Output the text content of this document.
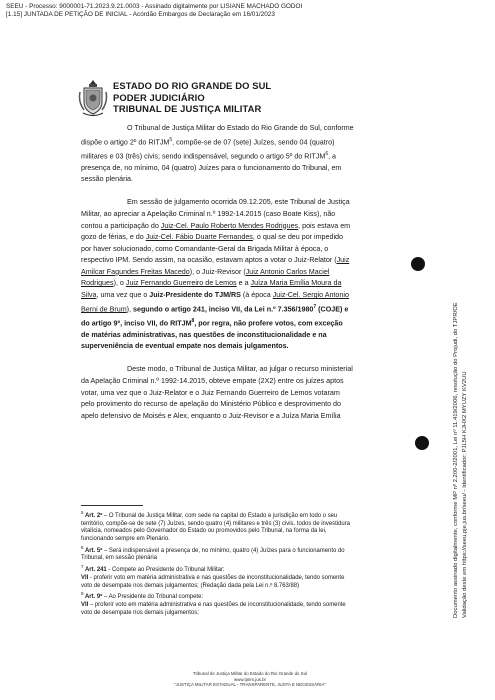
SEEU - Processo: 9000001-71.2023.9.21.0003 - Assinado digitalmente por LISIANE MACHADO GODOI
[1.15] JUNTADA DE PETIÇÃO DE INICIAL - Acórdão Embargos de Declaração em 16/01/2023
Documento assinado digitalmente, conforme MP nº 2.200-2/2001, Lei nº 11.419/2006, resolução do Projudi, do TJPR/OE Validação deste em https://seeu.pje.jus.br/seeu/ - Identificador: PJL5H KJHX2 MYUZY KV2UU
ESTADO DO RIO GRANDE DO SUL
PODER JUDICIÁRIO
TRIBUNAL DE JUSTIÇA MILITAR

O Tribunal de Justiça Militar do Estado do Rio Grande do Sul, conforme
dispõe o artigo 2º do RITJM$^5$, compõe-se de 07 (sete) Juízes, sendo 04 (quatro)
militares e 03 (três) civis; sendo indispensável, segundo o artigo 5º do RITJM$^6$, a
presença de, no mínimo, 04 (quatro) Juízes para o funcionamento do Tribunal, em
sessão plenária.

Em sessão de julgamento ocorrida 09.12.205, este Tribunal de Justiça
Militar, ao apreciar a Apelação Criminal n.º 1992-14.2015 (caso Boate Kiss), não
contou a participação do Juiz-Cel. Paulo Roberto Mendes Rodrigues, pois estava em
gozo de férias, e do Juiz-Cel. Fábio Duarte Fernandes, o qual se deu por impedido
por haver solucionado, como Comandante-Geral da Brigada Militar à época, o
respectivo IPM. Sendo assim, na ocasião, estavam aptos a votar o Juiz-Relator (Juiz
Amilcar Fagundes Freitas Macedo), o Juiz-Revisor (Juiz Antonio Carlos Maciel
Rodrigues), o Juiz Fernando Guerreiro de Lemos e a Juíza Maria Emília Moura da
Silva, uma vez que o Juiz-Presidente do TJM/RS (à época Juiz-Cel. Sergio Antonio
Berni de Brum), segundo o artigo 241, inciso VII, da Lei n.º 7.356/1980$^7$ (COJE) e
do artigo 9º, inciso VII, do RITJM$^8$, por regra, não profere votos, com exceção
de matérias administrativas, nas questões de inconstitucionalidade e na
superveniência de eventual empate nos demais julgamentos.

Deste modo, o Tribunal de Justiça Militar, ao julgar o recurso ministerial
da Apelação Criminal n.º 1992-14.2015, obteve empate (2X2) entre os juízes aptos
votar, uma vez que o Juiz-Relator e o Juiz Fernando Guerreiro de Lemos votaram
pelo provimento do recurso de apelação do Ministério Público e desprovimento do
apelo defensivo de Moisés e Alex, enquanto o Juiz-Revisor e a Juíza Maria Emília

$^5$ Art. 2º – O Tribunal de Justiça Militar, com sede na capital do Estado e jurisdição em todo o seu
território, compõe-se de sete (7) Juízes, sendo quatro (4) militares e três (3) civis, todos de investidura
vitalícia, nomeados pelo Governador do Estado ou promovidos pelo Tribunal, na forma da lei,
funcionando sempre em Plenário.
$^6$ Art. 5º – Será indispensável a presença de, no mínimo, quatro (4) Juízes para o funcionamento do
Tribunal, em sessão plenária
$^7$ Art. 241 - Compete ao Presidente do Tribunal Militar:
VII - proferir voto em matéria administrativa e nas questões de inconstitucionalidade, tendo somente
voto de desempate nos demais julgamentos; (Redação dada pela Lei n.º 8.763/88)
$^8$ Art. 9º – Ao Presidente do Tribunal compete:
VII – proferir voto em matéria administrativa e nas questões de inconstitucionalidade, tendo somente
voto de desempate nos demais julgamentos;
Tribunal de Justiça Militar do Estado do Rio Grande do Sul
www.tjmrs.jus.br
"JUSTIÇA MILITAR ESTADUAL - TRANSPARENTE, JUSTA E NECESSÁRIA"
